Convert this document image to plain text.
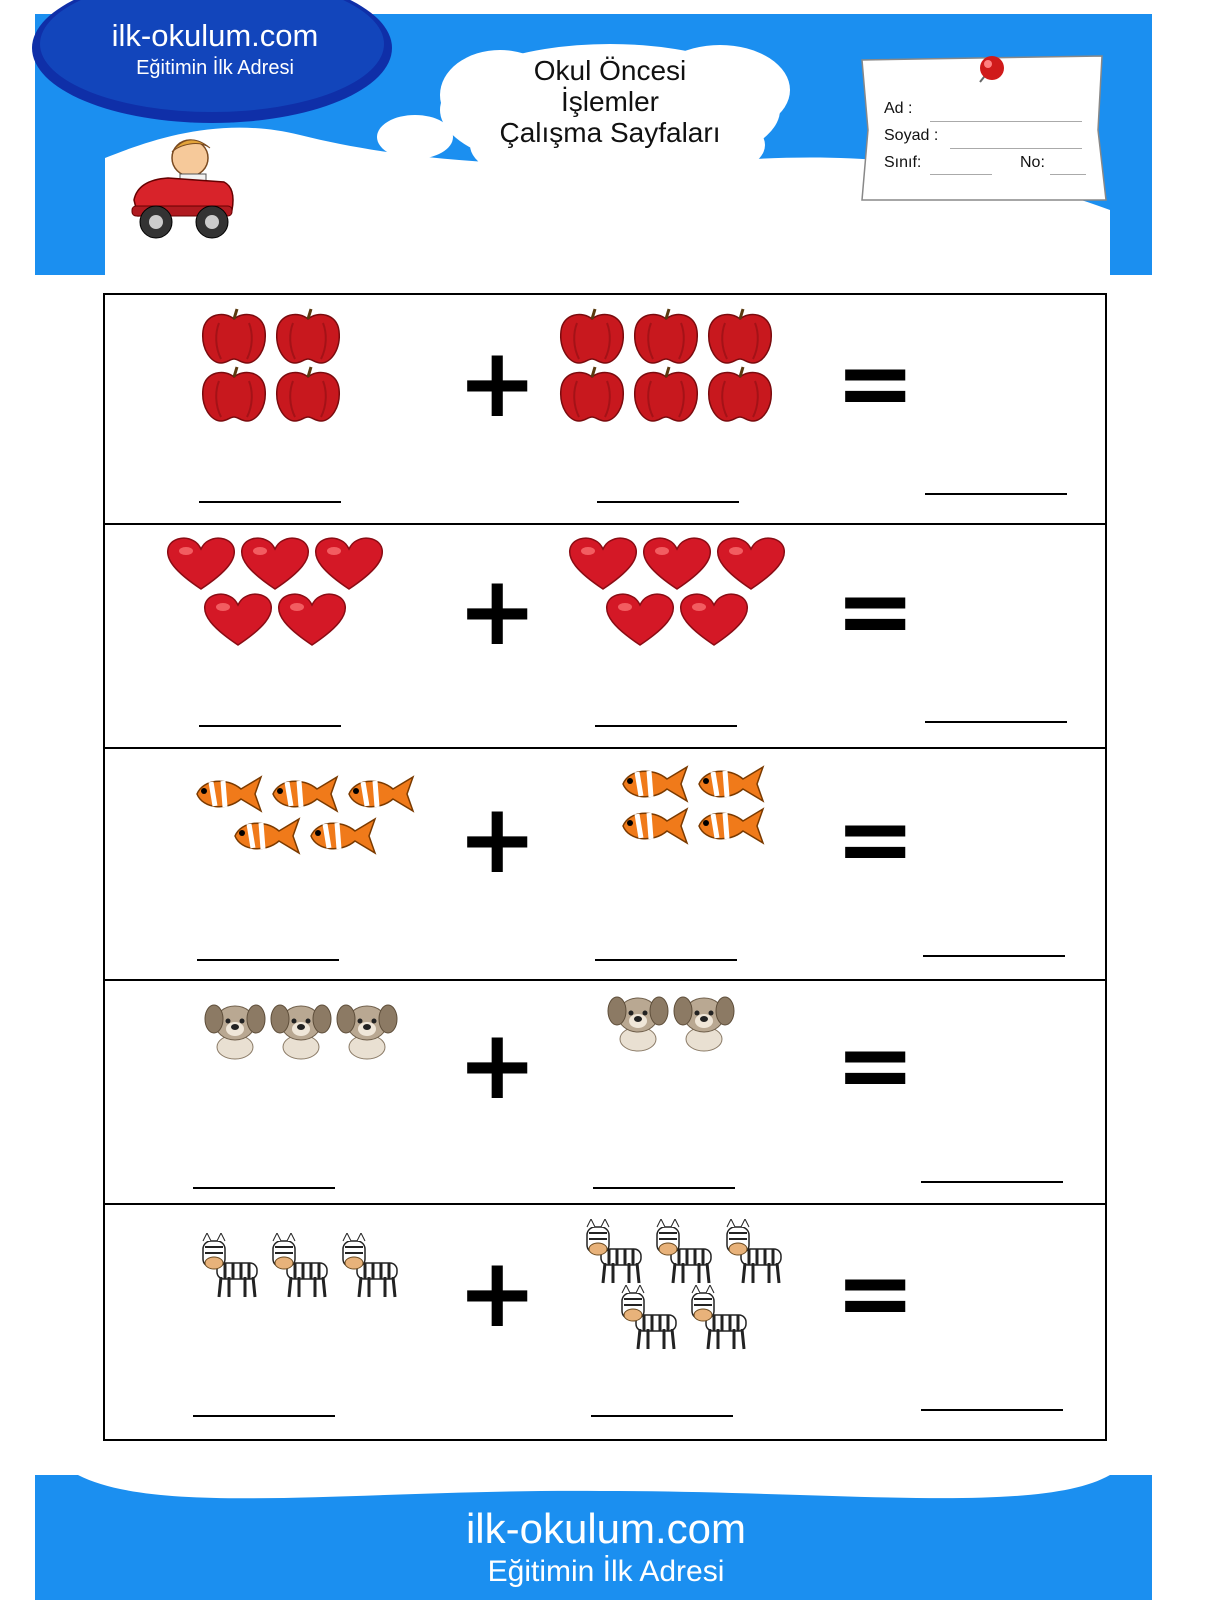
ilk-okulum.com
Eğitimin İlk Adresi	Okul Öncesi
İşlemler
Çalışma Sayfaları
Ad :
Soyad :
Sınıf:	No:
+	=
+	=
+	=
+	=
+	=
ilk-okulum.com
Eğitimin İlk Adresi
